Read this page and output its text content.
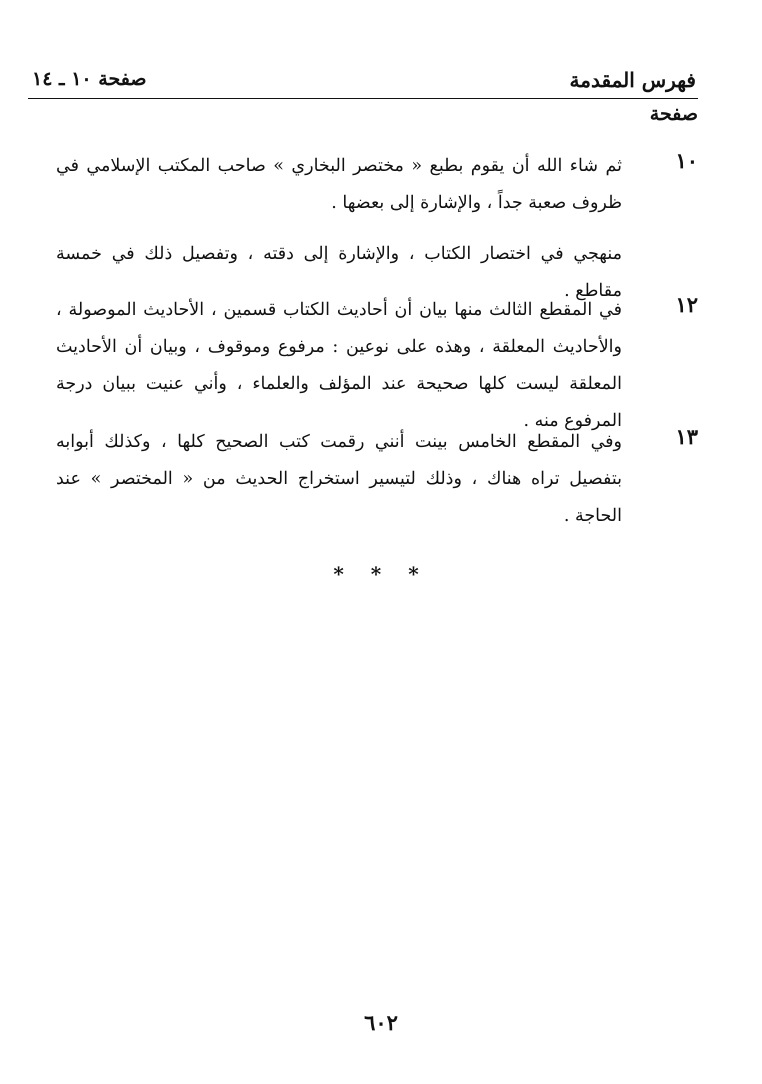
فهرس المقدمة
صفحة ١٠ ـ ١٤
صفحة
١٠
ثم شاء الله أن يقوم بطبع « مختصر البخاري » صاحب المكتب الإسلامي في ظروف صعبة جداً ، والإشارة إلى بعضها .
منهجي في اختصار الكتاب ، والإشارة إلى دقته ، وتفصيل ذلك في خمسة مقاطع .
١٢
في المقطع الثالث منها بيان أن أحاديث الكتاب قسمين ، الأحاديث الموصولة ، والأحاديث المعلقة ، وهذه على نوعين : مرفوع وموقوف ، وبيان أن الأحاديث المعلقة ليست كلها صحيحة عند المؤلف والعلماء ، وأني عنيت ببيان درجة المرفوع منه .
١٣
وفي المقطع الخامس بينت أنني رقمت كتب الصحيح كلها ، وكذلك أبوابه بتفصيل تراه هناك ، وذلك لتيسير استخراج الحديث من « المختصر » عند الحاجة .
* * *
٦٠٢
